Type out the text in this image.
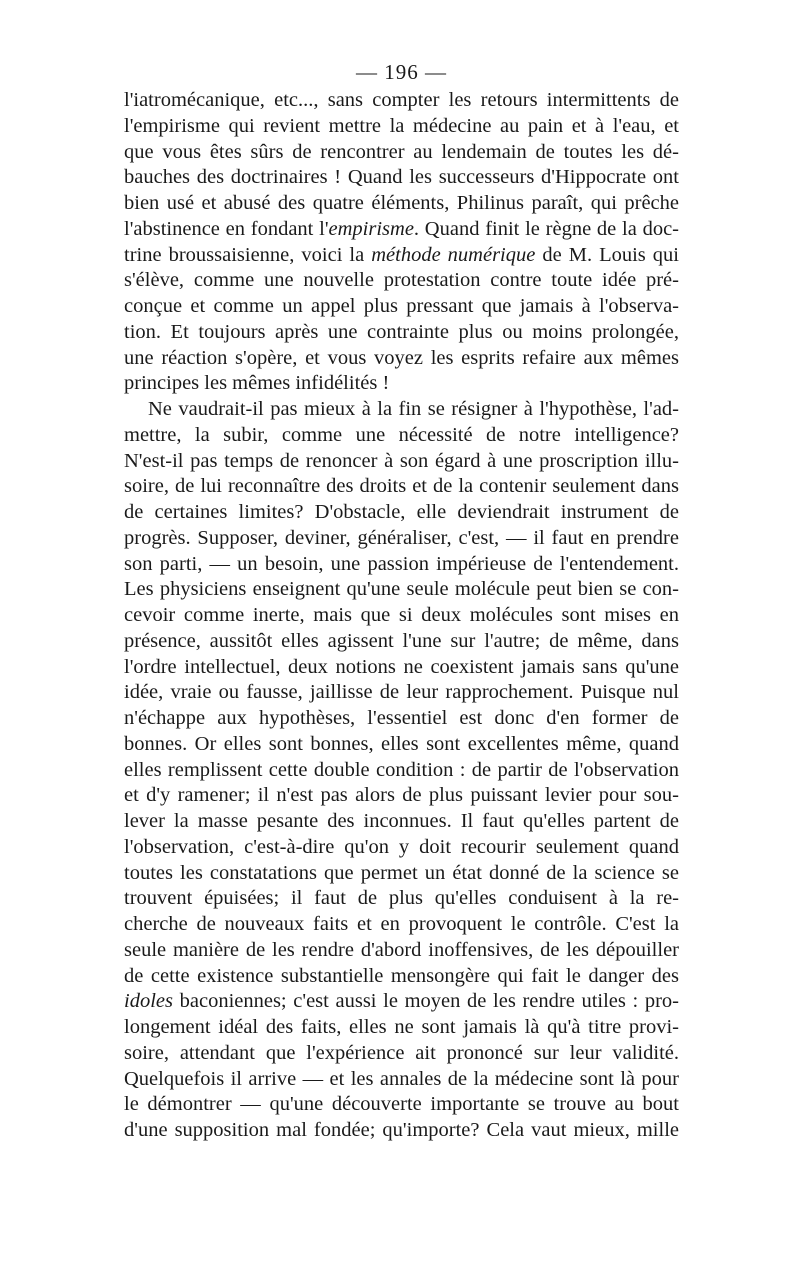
— 196 —
l'iatromécanique, etc..., sans compter les retours intermittents de
l'empirisme qui revient mettre la médecine au pain et à l'eau, et
que vous êtes sûrs de rencontrer au lendemain de toutes les dé-
bauches des doctrinaires ! Quand les successeurs d'Hippocrate ont
bien usé et abusé des quatre éléments, Philinus paraît, qui prêche
l'abstinence en fondant l'empirisme. Quand finit le règne de la doc-
trine broussaisienne, voici la méthode numérique de M. Louis qui
s'élève, comme une nouvelle protestation contre toute idée pré-
conçue et comme un appel plus pressant que jamais à l'observa-
tion. Et toujours après une contrainte plus ou moins prolongée,
une réaction s'opère, et vous voyez les esprits refaire aux mêmes
principes les mêmes infidélités !
Ne vaudrait-il pas mieux à la fin se résigner à l'hypothèse, l'ad-
mettre, la subir, comme une nécessité de notre intelligence?
N'est-il pas temps de renoncer à son égard à une proscription illu-
soire, de lui reconnaître des droits et de la contenir seulement dans
de certaines limites? D'obstacle, elle deviendrait instrument de
progrès. Supposer, deviner, généraliser, c'est, — il faut en prendre
son parti, — un besoin, une passion impérieuse de l'entendement.
Les physiciens enseignent qu'une seule molécule peut bien se con-
cevoir comme inerte, mais que si deux molécules sont mises en
présence, aussitôt elles agissent l'une sur l'autre; de même, dans
l'ordre intellectuel, deux notions ne coexistent jamais sans qu'une
idée, vraie ou fausse, jaillisse de leur rapprochement. Puisque nul
n'échappe aux hypothèses, l'essentiel est donc d'en former de
bonnes. Or elles sont bonnes, elles sont excellentes même, quand
elles remplissent cette double condition : de partir de l'observation
et d'y ramener; il n'est pas alors de plus puissant levier pour sou-
lever la masse pesante des inconnues. Il faut qu'elles partent de
l'observation, c'est-à-dire qu'on y doit recourir seulement quand
toutes les constatations que permet un état donné de la science se
trouvent épuisées; il faut de plus qu'elles conduisent à la re-
cherche de nouveaux faits et en provoquent le contrôle. C'est la
seule manière de les rendre d'abord inoffensives, de les dépouiller
de cette existence substantielle mensongère qui fait le danger des
idoles baconiennes; c'est aussi le moyen de les rendre utiles : pro-
longement idéal des faits, elles ne sont jamais là qu'à titre provi-
soire, attendant que l'expérience ait prononcé sur leur validité.
Quelquefois il arrive — et les annales de la médecine sont là pour
le démontrer — qu'une découverte importante se trouve au bout
d'une supposition mal fondée; qu'importe? Cela vaut mieux, mille
